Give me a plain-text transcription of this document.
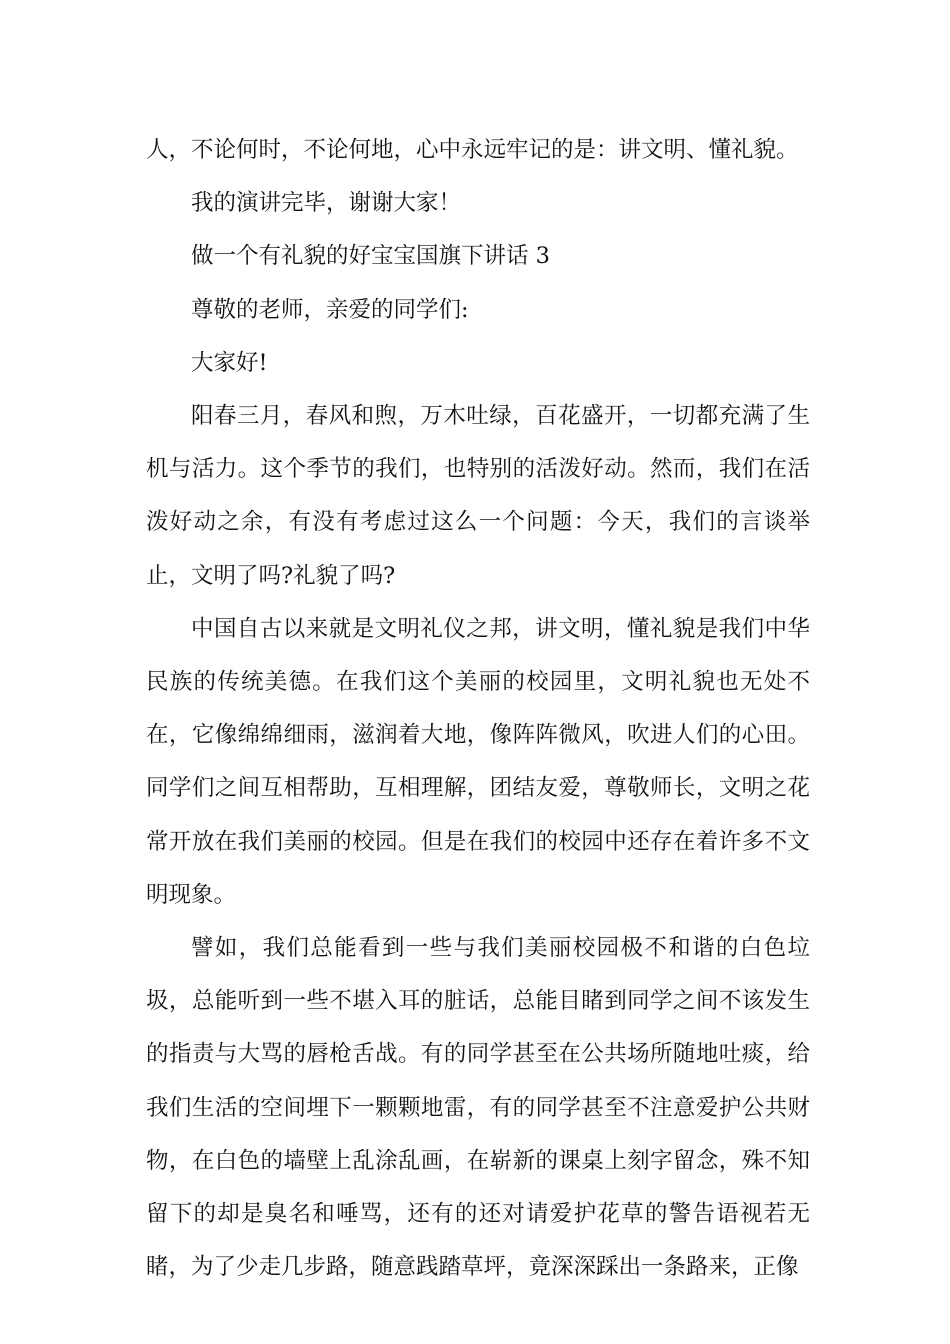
人，不论何时，不论何地，心中永远牢记的是：讲文明、懂礼貌。

我的演讲完毕，谢谢大家！

做一个有礼貌的好宝宝国旗下讲话 3

尊敬的老师，亲爱的同学们:

大家好!

阳春三月，春风和煦，万木吐绿，百花盛开，一切都充满了生机与活力。这个季节的我们，也特别的活泼好动。然而，我们在活泼好动之余，有没有考虑过这么一个问题：今天，我们的言谈举止，文明了吗?礼貌了吗?

中国自古以来就是文明礼仪之邦，讲文明，懂礼貌是我们中华民族的传统美德。在我们这个美丽的校园里，文明礼貌也无处不在，它像绵绵细雨，滋润着大地，像阵阵微风，吹进人们的心田。同学们之间互相帮助，互相理解，团结友爱，尊敬师长，文明之花常开放在我们美丽的校园。但是在我们的校园中还存在着许多不文明现象。

譬如，我们总能看到一些与我们美丽校园极不和谐的白色垃圾，总能听到一些不堪入耳的脏话，总能目睹到同学之间不该发生的指责与大骂的唇枪舌战。有的同学甚至在公共场所随地吐痰，给我们生活的空间埋下一颗颗地雷，有的同学甚至不注意爱护公共财物，在白色的墙壁上乱涂乱画，在崭新的课桌上刻字留念，殊不知留下的却是臭名和唾骂，还有的还对请爱护花草的警告语视若无睹，为了少走几步路，随意践踏草坪，竟深深踩出一条路来，正像
